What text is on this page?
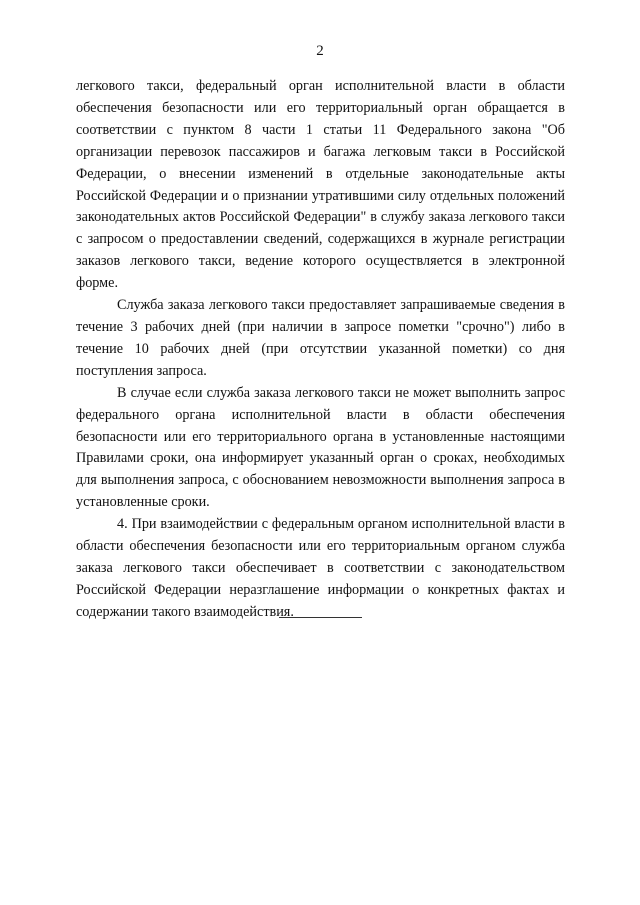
2

легкового такси, федеральный орган исполнительной власти в области обеспечения безопасности или его территориальный орган обращается в соответствии с пунктом 8 части 1 статьи 11 Федерального закона "Об организации перевозок пассажиров и багажа легковым такси в Российской Федерации, о внесении изменений в отдельные законодательные акты Российской Федерации и о признании утратившими силу отдельных положений законодательных актов Российской Федерации" в службу заказа легкового такси с запросом о предоставлении сведений, содержащихся в журнале регистрации заказов легкового такси, ведение которого осуществляется в электронной форме.

Служба заказа легкового такси предоставляет запрашиваемые сведения в течение 3 рабочих дней (при наличии в запросе пометки "срочно") либо в течение 10 рабочих дней (при отсутствии указанной пометки) со дня поступления запроса.

В случае если служба заказа легкового такси не может выполнить запрос федерального органа исполнительной власти в области обеспечения безопасности или его территориального органа в установленные настоящими Правилами сроки, она информирует указанный орган о сроках, необходимых для выполнения запроса, с обоснованием невозможности выполнения запроса в установленные сроки.

4. При взаимодействии с федеральным органом исполнительной власти в области обеспечения безопасности или его территориальным органом служба заказа легкового такси обеспечивает в соответствии с законодательством Российской Федерации неразглашение информации о конкретных фактах и содержании такого взаимодействия.
